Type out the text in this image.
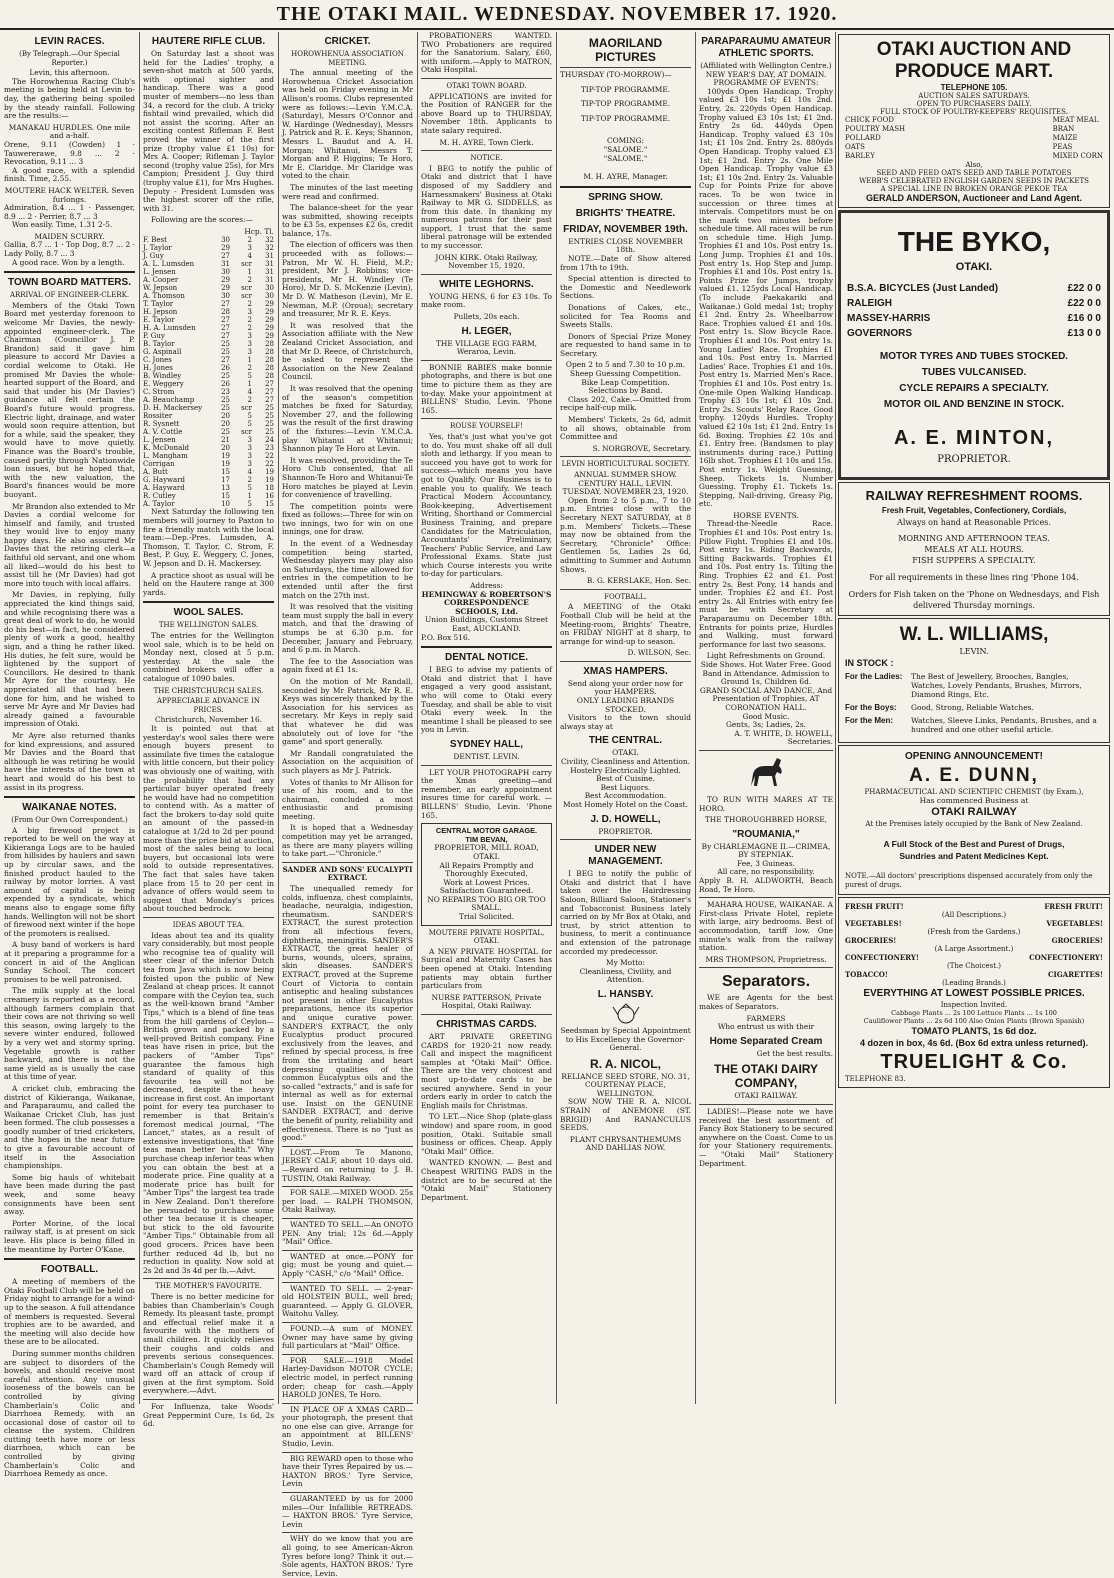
THE OTAKI MAIL. WEDNESDAY. NOVEMBER 17. 1920.
LEVIN RACES.
(By Telegraph.—Our Special Reporter.)
Levin, this afternoon.
The Horowhenua Racing Club's meeting is being held at Levin to-day, the gathering being spoiled by the steady rainfall. Following are the results:—
MANAKAU HURDLES. One mile and a-half.
Orene, 9.11 (Cowden) 1 · Tauwererawe, 9.8 ... 2 · Revocation, 9.11 ... 3
A good race, with a splendid finish. Time, 2.55.
MOUTERE HACK WELTER. Seven furlongs.
Admiration, 8.4 ... 1 · Passenger, 8.9 ... 2 · Perrier, 8.7 ... 3
Won easily. Time, 1.31 2-5.
MAIDEN SCURRY.
Gallia, 8.7 ... 1 · Top Dog, 8.7 ... 2 · Lady Polly, 8.7 ... 3
A good race. Won by a length.
TOWN BOARD MATTERS.
ARRIVAL OF ENGINEER-CLERK.
Members of the Otaki Town Board met yesterday forenoon to welcome Mr Davies, the newly-appointed engineer-clerk. The Chairman (Councillor J. P. Brandon) said it gave him pleasure to accord Mr Davies a cordial welcome to Otaki. He promised Mr Davies the whole-hearted support of the Board, and said that under his (Mr Davies') guidance all felt certain the Board's future would progress. Electric light, drainage, and water would soon require attention, but for a while, said the speaker, they would have to move quietly. Finance was the Board's trouble, caused partly through Nationwide loan issues, but he hoped that, with the new valuation, the Board's finances would be more buoyant.
Mr Brandon also extended to Mr Davies a cordial welcome for himself and family, and trusted they would live to enjoy many happy days. He also assured Mr Davies that the retiring clerk—a faithful old servant, and one whom all liked—would do his best to assist till he (Mr Davies) had got more into touch with local affairs.
Mr Davies, in replying, fully appreciated the kind things said, and while recognising there was a great deal of work to do, he would do his best—in fact, he considered plenty of work a good, healthy sign, and a thing he rather liked. His duties, he felt sure, would be lightened by the support of Councillors. He desired to thank Mr Ayre for the courtesy. He appreciated all that had been done for him, and he wished to serve Mr Ayre and Mr Davies had already gained a favourable impression of Otaki.
Mr Ayre also returned thanks for kind expressions, and assured Mr Davies and the Board that although he was retiring he would have the interests of the town at heart and would do his best to assist in its progress.
WAIKANAE NOTES.
(From Our Own Correspondent.)
A big firewood project is reported to be well on the way at Kikieranga Logs are to be hauled from hillsides by haulers and sawn up by circular saws, and the finished product hauled to the railway by motor lorries. A vast amount of capital is being expended by a syndicate, which means also to engage some fifty hands. Wellington will not be short of firewood next winter if the hope of the promoters is realised.
A busy band of workers is hard at it preparing a programme for a concert in aid of the Anglican Sunday School. The concert promises to be well patronised.
The milk supply at the local creamery is reported as a record, although farmers complain that their cows are not thriving so well this season, owing largely to the severe winter endured, followed by a very wet and stormy spring. Vegetable growth is rather backward, and there is not the same yield as is usually the case at this time of year.
A cricket club, embracing the district of Kikieranga, Waikanae, and Paraparaumu, and called the Waikanae Cricket Club, has just been formed. The club possesses a goodly number of tried cricketers, and the hopes in the near future to give a favourable account of itself in the Association championships.
Some big hauls of whitebait have been made during the past week, and some heavy consignments have been sent away.
Porter Morine, of the local railway staff, is at present on sick leave. His place is being filled in the meantime by Porter O'Kane.
FOOTBALL.
A meeting of members of the Otaki Football Club will be held on Friday night to arrange for a wind-up to the season. A full attendance of members is requested. Several trophies are to be awarded, and the meeting will also decide how these are to be allocated.
During summer months children are subject to disorders of the bowels, and should receive most careful attention. Any unusual looseness of the bowels can be controlled by giving Chamberlain's Colic and Diarrhoea Remedy, with an occasional dose of castor oil to cleanse the system. Children cutting teeth have more or less diarrhoea, which can be controlled by giving Chamberlain's Colic and Diarrhoea Remedy as once.
HAUTERE RIFLE CLUB.
On Saturday last a shoot was held for the Ladies' trophy, a seven-shot match at 500 yards, with optional sighter and handicap. There was a good muster of members—no less than 34, a record for the club. A tricky fishtail wind prevailed, which did not assist the scoring. After an exciting contest Rifleman F. Best proved the winner of the first prize (trophy value £1 10s) for Mrs A. Cooper; Rifleman J. Taylor second (trophy value 25s), for Mrs Campion; President J. Guy third (trophy value £1), for Mrs Hughes. Deputy - President Lumsden was the highest scorer off the rifle, with 31.
Following are the scores:—
Hcp. Tl.
F. Best	30	2	32
J. Taylor	29	3	32
J. Guy	27	4	31
A. L. Lumsden	31	scr	31
L. Jensen	30	1	31
A. Cooper	29	2	31
W. Jepson	29	scr	30
A. Thomson	30	scr	30
T. Taylor	27	2	29
H. Jepson	28	3	29
E. Taylor	27	2	29
H. A. Lumsden	27	2	29
P. Guy	27	3	29
B. Taylor	25	3	28
G. Aspinall	25	3	28
C. Jones	27	1	28
H. Jones	26	2	28
B. Windley	25	5	28
E. Weggery	26	1	27
C. Strom	23	4	27
A. Beauchamp	25	2	27
D. H. Mackersey	25	scr	25
Rossiter	20	5	25
R. Sysnett	20	5	25
A. V. Cottle	25	scr	25
L. Jensen	21	3	24
K. McDonald	20	3	23
L. Mangham	19	3	22
Corrigan	19	3	22
A. Butt	15	4	19
G. Hayward	17	2	19
A. Hayward	13	5	18
R. Cutley	15	1	16
A. Taylor	10	5	15
Next Saturday the following ten members will journey to Paxton to fire a friendly match with the local team:—Dep.-Pres. Lumsden, A. Thomson, T. Taylor, C. Strom, F. Best, P. Guy, E. Weggery, C. Jones, W. Jepson and D. H. Mackersey.
A practice shoot as usual will be held on the Hautere range at 300 yards.
WOOL SALES.
THE WELLINGTON SALES.
The entries for the Wellington wool sale, which is to be held on Monday next, closed at 5 p.m. yesterday. At the sale the combined brokers will offer a catalogue of 1090 bales.
THE CHRISTCHURCH SALES.
APPRECIABLE ADVANCE IN PRICES.
Christchurch, November 16.
It is pointed out that at yesterday's wool sales there were enough buyers present to assimilate five times the catalogue with little concern, but their policy was obviously one of waiting, with the probability that had any particular buyer operated freely he would have had no competition to contend with. As a matter of fact the brokers to-day sold quite an amount of the passed-in catalogue at 1/2d to 2d per pound more than the price bid at auction, most of the sales being to local buyers, but occasional lots were sold to outside representatives. The fact that sales have taken place from 15 to 20 per cent in advance of offers would seem to suggest that Monday's prices about touched bedrock.
IDEAS ABOUT TEA.
Ideas about tea and its quality vary considerably, but most people who recognise tea of quality will steer clear of the inferior Dutch tea from Java which is now being foisted upon the public of New Zealand at cheap prices. It cannot compare with the Ceylon tea, such as the well-known brand "Amber Tips," which is a blend of fine teas from the hill gardens of Ceylon—British grown and packed by a well-proved British company. Fine teas have risen in price, but the packers of "Amber Tips" guarantee the famous high standard of quality of this favourite tea will not be decreased, despite the heavy increase in first cost. An important point for every tea purchaser to remember is that Britain's foremost medical journal, "The Lancet," states, as a result of extensive investigations, that "fine teas mean better health." Why purchase cheap inferior teas when you can obtain the best at a moderate price. Fine quality at a moderate price has built for "Amber Tips" the largest tea trade in New Zealand. Don't therefore be persuaded to purchase some other tea because it is cheaper, but stick to the old favourite "Amber Tips." Obtainable from all good grocers. Prices have been further reduced 4d lb, but no reduction in quality. Now sold at 2s 2d and 3s 4d per lb.—Advt.
THE MOTHER'S FAVOURITE.
There is no better medicine for babies than Chamberlain's Cough Remedy. Its pleasant taste, prompt and effectual relief make it a favourite with the mothers of small children. It quickly relieves their coughs and colds and prevents serious consequences. Chamberlain's Cough Remedy will ward off an attack of croup if given at the first symptom. Sold everywhere.—Advt.
For Influenza, take Woods' Great Peppermint Cure, 1s 6d, 2s 6d.
CRICKET.
HOROWHENUA ASSOCIATION MEETING.
The annual meeting of the Horowhenua Cricket Association was held on Friday evening in Mr Allison's rooms. Clubs represented were as follows:—Levin Y.M.C.A. (Saturday), Messrs O'Connor and W. Hardinge (Wednesday), Messrs J. Patrick and R. E. Keys; Shannon, Messrs L. Baudut and A. H. Morgan; Whitanui, Messrs T. Morgan and P. Higgins; Te Horo, Mr E. Claridge. Mr Claridge was voted to the chair.
The minutes of the last meeting were read and confirmed.
The balance-sheet for the year was submitted, showing receipts to be £3 5s, expenses £2 6s, credit balance, 17s.
The election of officers was then proceeded with as follows:—Patron, Mr W. H. Field, M.P.; president, Mr J. Robbins; vice-presidents, Mr H. Windley (Te Horo), Mr D. S. McKenzie (Levin), Mr D. W. Matheson (Levin), Mr E. Newman, M.P. (Oroua); secretary and treasurer, Mr R. E. Keys.
It was resolved that the Association affiliate with the New Zealand Cricket Association, and that Mr D. Reece, of Christchurch, be asked to represent the Association on the New Zealand Council.
It was resolved that the opening of the season's competition matches be fixed for Saturday, November 27, and the following was the result of the first drawing of the fixtures:—Levin Y.M.C.A. play Whitanui at Whitanui; Shannon play Te Horo at Levin.
It was resolved, providing the Te Horo Club consented, that all Shannon-Te Horo and Whitanui-Te Horo matches be played at Levin for convenience of travelling.
The competition points were fixed as follows:—Three for win on two innings, two for win on one innings, one for draw.
In the event of a Wednesday competition being started, Wednesday players may play also on Saturdays, the time allowed for entries in the competition to be extended until after the first match on the 27th inst.
It was resolved that the visiting team must supply the ball in every match, and that the drawing of stumps be at 6.30 p.m. for December, January and February, and 6 p.m. in March.
The fee to the Association was again fixed at £1 1s.
On the motion of Mr Randall, seconded by Mr Patrick, Mr R. E. Keys was sincerely thanked by the Association for his services as secretary. Mr Keys in reply said that whatever he did was absolutely out of love for "the game" and sport generally.
Mr Randall congratulated the Association on the acquisition of such players as Mr J. Patrick.
Votes of thanks to Mr Allison for use of his room, and to the chairman, concluded a most enthusiastic and promising meeting.
It is hoped that a Wednesday competition may yet be arranged, as there are many players willing to take part.—"Chronicle."
SANDER AND SONS' EUCALYPTI EXTRACT.
The unequalled remedy for colds, influenza, chest complaints, headache, neuralgia, indigestion, rheumatism. SANDER'S EXTRACT, the surest protection from all infectious fevers, diphtheria, meningitis. SANDER'S EXTRACT, the great healer of burns, wounds, ulcers, sprains, skin diseases. SANDER'S EXTRACT, proved at the Supreme Court of Victoria to contain antiseptic and healing substances not present in other Eucalyptus preparations, hence its superior and unique curative power. SANDER'S EXTRACT, the only Eucalyptus product procured exclusively from the leaves, and refined by special process, is free from the irritating and heart depressing qualities of the common Eucalyptus oils and the so-called "extracts," and is safe for internal as well as for external use. Insist on the GENUINE SANDER EXTRACT, and derive the benefit of purity, reliability and effectiveness. There is no "just as good."
LOST.—From Te Manono, JERSEY CALF, about 10 days old.—Reward on returning to J. B. TUSTIN, Otaki Railway.
FOR SALE.—MIXED WOOD. 25s per load. — RALPH THOMSON, Otaki Railway.
WANTED TO SELL.—An ONOTO PEN. Any trial; 12s 6d.—Apply "Mail" Office.
WANTED at once.—PONY for gig; must be young and quiet.—Apply "CASH," c/o "Mail" Office.
WANTED TO SELL. — 2-year-old HOLSTEIN BULL, well bred; guaranteed. — Apply G. GLOVER, Waitohu Valley.
FOUND.—A sum of MONEY. Owner may have same by giving full particulars at "Mail" Office.
FOR SALE.—1918 Model Harley-Davidson MOTOR CYCLE; electric model, in perfect running order; cheap for cash.—Apply HAROLD JONES, Te Horo.
IN PLACE OF A XMAS CARD—your photograph, the present that no one else can give. Arrange for an appointment at BILLENS' Studio, Levin.
BIG REWARD open to those who have their Tyres Repaired by us.—HAXTON BROS.' Tyre Service, Levin
GUARANTEED by us for 2000 miles—Our Infallible RETREADS. — HAXTON BROS.' Tyre Service, Levin
WHY do we know that you are all going, to see American-Akron Tyres before long? Think it out.—Sole agents, HAXTON BROS.' Tyre Service, Levin.
PROBATIONERS WANTED. TWO Probationers are required for the Sanatorium. Salary, £60, with uniform.—Apply to MATRON, Otaki Hospital.
OTAKI TOWN BOARD.
APPLICATIONS are invited for the Position of RANGER for the above Board up to THURSDAY, November 18th. Applicants to state salary required.
M. H. AYRE, Town Clerk.
NOTICE.
I BEG to notify the public of Otaki and district that I have disposed of my Saddlery and Harnessmakers' Business at Otaki Railway to MR G. SIDDELLS, as from this date. In thanking my numerous patrons for their past support, I trust that the same liberal patronage will be extended to my successor.
JOHN KIRK. Otaki Railway, November 15, 1920.
WHITE LEGHORNS.
YOUNG HENS, 6 for £3 10s. To make room.
Pullets, 20s each.
H. LEGER,
THE VILLAGE EGG FARM, Weraroa, Levin.
BONNIE BABIES make bonnie photographs, and there is but one time to picture them as they are to-day. Make your appointment at BILLENS' Studio, Levin. 'Phone 165.
ROUSE YOURSELF!
Yes, that's just what you've got to do. You must shake off all dull sloth and lethargy. If you mean to succeed you have got to work for success—which means you have got to Qualify. Our Business is to enable you to qualify. We teach Practical Modern Accountancy, Book-keeping, Advertisement Writing, Shorthand or Commercial Business Training, and prepare Candidates for the Matriculation, Accountants' Preliminary, Teachers' Public Service, and Law Professional Exams. State just which Course interests you write to-day for particulars.
Address:
HEMINGWAY & ROBERTSON'S CORRESPONDENCE SCHOOLS, Ltd.
Union Buildings, Customs Street East, AUCKLAND.
P.O. Box 516.
DENTAL NOTICE.
I BEG to advise my patients of Otaki and district that I have engaged a very good assistant, who will come to Otaki every Tuesday, and shall be able to visit Otaki every week. In the meantime I shall be pleased to see you in Levin.
SYDNEY HALL,
DENTIST. LEVIN.
LET YOUR PHOTOGRAPH carry the Xmas greeting—and remember, an early appointment insures time for careful work. — BILLENS' Studio, Levin. 'Phone 165.
CENTRAL MOTOR GARAGE.
TIM BEVAN,
PROPRIETOR, MILL ROAD, OTAKI.
All Repairs Promptly and Thoroughly Executed.
Work at Lowest Prices.
Satisfaction Guaranteed.
NO REPAIRS TOO BIG OR TOO SMALL.
Trial Solicited.
MOUTERE PRIVATE HOSPITAL, OTAKI.
A NEW PRIVATE HOSPITAL for Surgical and Maternity Cases has been opened at Otaki. Intending patients may obtain further particulars from
NURSE PATTERSON, Private Hospital, Otaki Railway.
CHRISTMAS CARDS.
ART PRIVATE GREETING CARDS for 1920-21 now ready. Call and inspect the magnificent samples at "Otaki Mail" Office. There are the very choicest and most up-to-date cards to be secured anywhere. Send in your orders early in order to catch the English mails for Christmas.
TO LET.—Nice Shop (plate-glass window) and spare room, in good position, Otaki. Suitable small business or offices. Cheap. Apply "Otaki Mail" Office.
WANTED KNOWN. — Best and Cheapest WRITING PADS in the district are to be secured at the "Otaki Mail" Stationery Department.
MAORILAND PICTURES
THURSDAY (TO-MORROW)—
TIP-TOP PROGRAMME.
TIP-TOP PROGRAMME.
TIP-TOP PROGRAMME.
COMING:
"SALOME."
"SALOME."
M. H. AYRE, Manager.
SPRING SHOW.
BRIGHTS' THEATRE.
FRIDAY, NOVEMBER 19th.
ENTRIES CLOSE NOVEMBER 18th.
NOTE.—Date of Show altered from 17th to 19th.
Special attention is directed to the Domestic and Needlework Sections.
Donations of Cakes, etc., solicited for Tea Rooms and Sweets Stalls.
Donors of Special Prize Money are requested to hand same in to Secretary.
Open 2 to 5 and 7.30 to 10 p.m.
Sheep Guessing Competition.
Bike Leap Competition.
Selections by Band.
Class 202, Cake.—Omitted from recipe half-cup milk.
Members' Tickets, 2s 6d, admit to all shows, obtainable from Committee and
S. NORGROVE, Secretary.
LEVIN HORTICULTURAL SOCIETY.
ANNUAL SUMMER SHOW.
CENTURY HALL, LEVIN.
TUESDAY, NOVEMBER 23, 1920.
Open from 2 to 5 p.m., 7 to 10 p.m. Entries close with the Secretary NEXT SATURDAY, at 8 p.m. Members' Tickets.—These may now be obtained from the Secretary, "Chronicle" Office: Gentlemen 5s, Ladies 2s 6d, admitting to Summer and Autumn Shows.
B. G. KERSLAKE, Hon. Sec.
FOOTBALL.
A MEETING of the Otaki Football Club will be held at the Meeting-room, Brights' Theatre, on FRIDAY NIGHT at 8 sharp, to arrange for wind-up to season.
D. WILSON, Sec.
XMAS HAMPERS.
Send along your order now for your HAMPERS.
ONLY LEADING BRANDS STOCKED.
Visitors to the town should always stay at
THE CENTRAL.
OTAKI.
Civility, Cleanliness and Attention.
Hostelry Electrically Lighted.
Best of Cuisine.
Best Liquors.
Best Accommodation.
Most Homely Hotel on the Coast.
J. D. HOWELL,
PROPRIETOR.
UNDER NEW MANAGEMENT.
I BEG to notify the public of Otaki and district that I have taken over the Hairdressing Saloon, Billiard Saloon, Stationer's and Tobacconist Business lately carried on by Mr Box at Otaki, and trust, by strict attention to business, to merit a continuance and extension of the patronage accorded my predecessor.
My Motto:
Cleanliness, Civility, and Attention.
L. HANSBY.
Seedsman by Special Appointment to His Excellency the Governor-General.
R. A. NICOL,
RELIANCE SEED STORE, NO. 31, COURTENAY PLACE, WELLINGTON.
SOW NOW THE R. A. NICOL STRAIN of ANEMONE (ST. BRIGID) And RANANCULUS SEEDS.
PLANT CHRYSANTHEMUMS AND DAHLIAS NOW.
PARAPARAUMU AMATEUR ATHLETIC SPORTS.
(Affiliated with Wellington Centre.)
NEW YEAR'S DAY, AT DOMAIN.
PROGRAMME OF EVENTS:
100yds Open Handicap. Trophy valued £3 10s 1st; £1 10s 2nd. Entry, 2s. 220yds Open Handicap. Trophy valued £3 10s 1st; £1 2nd. Entry 2s 6d. 440yds Open Handicap. Trophy valued £3 10s 1st; £1 10s 2nd. Entry 2s. 880yds Open Handicap. Trophy valued £3 1st; £1 2nd. Entry 2s. One Mile Open Handicap. Trophy value £3 1st; £1 10s 2nd. Entry 2s. Valuable Cup for Points Prize for above races. To be won twice in succession or three times at intervals. Competitors must be on the mark two minutes before schedule time. All races will be run on schedule time. High Jump. Trophies £1 and 10s. Post entry 1s. Long Jump. Trophies £1 and 10s. Post entry 1s. Hop Step and Jump. Trophies £1 and 10s. Post entry 1s. Points Prize for Jumps, trophy valued £1. 125yds Local Handicap. (To include Paekakariki and Waikanae.) Gold medal 1st; trophy £1 2nd. Entry 2s. Wheelbarrow Race. Trophies valued £1 and 10s. Post entry 1s. Slow Bicycle Race. Trophies £1 and 10s. Post entry 1s. Young Ladies' Race. Trophies £1 and 10s. Post entry 1s. Married Ladies' Race. Trophies £1 and 10s. Post entry 1s. Married Men's Race. Trophies £1 and 10s. Post entry 1s. One-mile Open Walking Handicap. Trophy £3 10s 1st; £1 10s 2nd. Entry 2s. Scouts' Relay Race. Good trophy. 120yds Hurdles. Trophy valued £2 10s 1st; £1 2nd. Entry 1s 6d. Boxing. Trophies £2 10s and £1. Entry free. (Bandsmen to play instruments during race.) Putting 16lb shot. Trophies £1 10s and 15s. Post entry 1s. Weight Guessing, Sheep. Tickets 1s. Number Guessing. Trophy £1. Tickets 1s. Stepping, Nail-driving, Greasy Pig, etc.
HORSE EVENTS.
Thread-the-Needle Race. Trophies £1 and 10s. Post entry 1s. Pillow Fight. Trophies £1 and 10s. Post entry 1s. Riding Backwards, Sitting Backwards. Trophies £1 and 10s. Post entry 1s. Tilting the Ring. Trophies £2 and £1. Post entry 2s. Best Pony, 14 hands and under. Trophies £2 and £1. Post entry 2s. All Entries with entry fee must be with Secretary at Paraparaumu on December 18th. Entrants for points prize, Hurdles and Walking, must forward performance for last two seasons.
Light Refreshments on Ground. Side Shows. Hot Water Free. Good Band in Attendance. Admission to Ground 1s, Children 6d.
GRAND SOCIAL AND DANCE, And Presentation of Trophies, AT CORONATION HALL.
Good Music.
Gents, 3s; Ladies, 2s.
A. T. WHITE, D. HOWELL, Secretaries.
TO RUN WITH MARES AT TE HORO.
THE THOROUGHBRED HORSE,
"ROUMANIA,"
By CHARLEMAGNE II.—CRIMEA, BY STEPNIAK.
Fee, 3 Guineas.
All care, no responsibility.
Apply B. H. ALDWORTH, Beach Road, Te Horo.
MAHARA HOUSE, WAIKANAE. A First-class Private Hotel, replete with large, airy bedrooms. Best of accommodation, tariff low. One minute's walk from the railway station.
MRS THOMPSON, Proprietress.
Separators.
WE are Agents for the best makes of Separators.
FARMERS
Who entrust us with their
Home Separated Cream
Get the best results.
THE OTAKI DAIRY COMPANY,
OTAKI RAILWAY.
LADIES!—Please note we have received the best assortment of Fancy Box Stationery to be secured anywhere on the Coast. Come to us for your Stationery requirements. — "Otaki Mail" Stationery Department.
OTAKI AUCTION AND PRODUCE MART.
TELEPHONE 105.
AUCTION SALES SATURDAYS.
OPEN TO PURCHASERS DAILY.
FULL STOCK OF POULTRY-KEEPERS' REQUISITES.
CHICK FOOD
POULTRY MASH
POLLARD
OATS
BARLEY
MEAT MEAL
BRAN
MAIZE
PEAS
MIXED CORN
Also,
SEED AND FEED OATS SEED AND TABLE POTATOES
WEBB'S CELEBRATED ENGLISH GARDEN SEEDS IN PACKETS
A SPECIAL LINE IN BROKEN ORANGE PEKOE TEA
GERALD ANDERSON, Auctioneer and Land Agent.
THE BYKO,
OTAKI.
B.S.A. BICYCLES (Just Landed)	£22 0 0
RALEIGH	£22 0 0
MASSEY-HARRIS	£16 0 0
GOVERNORS	£13 0 0
MOTOR TYRES AND TUBES STOCKED.
TUBES VULCANISED.
CYCLE REPAIRS A SPECIALTY.
MOTOR OIL AND BENZINE IN STOCK.
A. E. MINTON,
PROPRIETOR.
RAILWAY REFRESHMENT ROOMS.
Fresh Fruit, Vegetables, Confectionery, Cordials,
Always on hand at Reasonable Prices.
MORNING AND AFTERNOON TEAS.
MEALS AT ALL HOURS.
FISH SUPPERS A SPECIALTY.
For all requirements in these lines ring 'Phone 104.
Orders for Fish taken on the 'Phone on Wednesdays, and Fish delivered Thursday mornings.
W. L. WILLIAMS,
LEVIN.
IN STOCK :
For the Ladies:	The Best of Jewellery, Brooches, Bangles, Watches, Lovely Pendants, Brushes, Mirrors, Diamond Rings, Etc.
For the Boys:	Good, Strong, Reliable Watches.
For the Men:	Watches, Sleeve Links, Pendants, Brushes, and a hundred and one other useful article.
OPENING ANNOUNCEMENT!
A. E. DUNN,
PHARMACEUTICAL AND SCIENTIFIC CHEMIST (by Exam.),
Has commenced Business at
OTAKI RAILWAY
At the Premises lately occupied by the Bank of New Zealand.
A Full Stock of the Best and Purest of Drugs,
Sundries and Patent Medicines Kept.
NOTE.—All doctors' prescriptions dispensed accurately from only the purest of drugs.
FRESH FRUIT!	FRESH FRUIT!
(All Descriptions.)
VEGETABLES!	VEGETABLES!
(Fresh from the Gardens.)
GROCERIES!	GROCERIES!
(A Large Assortment.)
CONFECTIONERY!	CONFECTIONERY!
(The Choicest.)
TOBACCO!	CIGARETTES!
(Leading Brands.)
EVERYTHING AT LOWEST POSSIBLE PRICES.
Inspection Invited.
Cabbage Plants ... 2s 100 Lettuce Plants ... 1s 100
Cauliflower Plants ... 2s 6d 100 Also Onion Plants (Brown Spanish)
TOMATO PLANTS, 1s 6d doz.
4 dozen in box, 4s 6d. (Box 6d extra unless returned).
TRUELIGHT & Co.
TELEPHONE 83.
